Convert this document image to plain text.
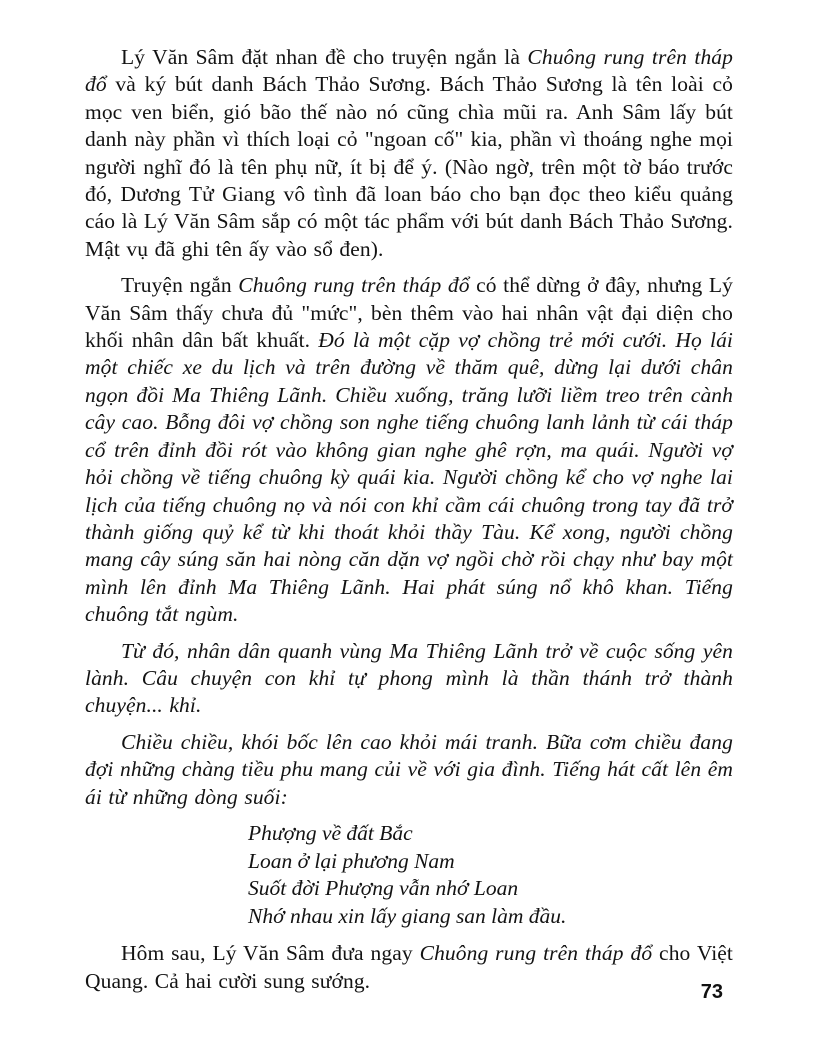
Lý Văn Sâm đặt nhan đề cho truyện ngắn là Chuông rung trên tháp đổ và ký bút danh Bách Thảo Sương. Bách Thảo Sương là tên loài cỏ mọc ven biển, gió bão thế nào nó cũng chìa mũi ra. Anh Sâm lấy bút danh này phần vì thích loại cỏ "ngoan cố" kia, phần vì thoáng nghe mọi người nghĩ đó là tên phụ nữ, ít bị để ý. (Nào ngờ, trên một tờ báo trước đó, Dương Tử Giang vô tình đã loan báo cho bạn đọc theo kiểu quảng cáo là Lý Văn Sâm sắp có một tác phẩm với bút danh Bách Thảo Sương. Mật vụ đã ghi tên ấy vào sổ đen).

Truyện ngắn Chuông rung trên tháp đổ có thể dừng ở đây, nhưng Lý Văn Sâm thấy chưa đủ "mức", bèn thêm vào hai nhân vật đại diện cho khối nhân dân bất khuất. Đó là một cặp vợ chồng trẻ mới cưới. Họ lái một chiếc xe du lịch và trên đường về thăm quê, dừng lại dưới chân ngọn đồi Ma Thiêng Lãnh. Chiều xuống, trăng lưỡi liềm treo trên cành cây cao. Bỗng đôi vợ chồng son nghe tiếng chuông lanh lảnh từ cái tháp cổ trên đỉnh đồi rót vào không gian nghe ghê rợn, ma quái. Người vợ hỏi chồng về tiếng chuông kỳ quái kia. Người chồng kể cho vợ nghe lai lịch của tiếng chuông nọ và nói con khỉ cầm cái chuông trong tay đã trở thành giống quỷ kể từ khi thoát khỏi thầy Tàu. Kể xong, người chồng mang cây súng săn hai nòng căn dặn vợ ngồi chờ rồi chạy như bay một mình lên đỉnh Ma Thiêng Lãnh. Hai phát súng nổ khô khan. Tiếng chuông tắt ngùm.

Từ đó, nhân dân quanh vùng Ma Thiêng Lãnh trở về cuộc sống yên lành. Câu chuyện con khỉ tự phong mình là thần thánh trở thành chuyện... khỉ.

Chiều chiều, khói bốc lên cao khỏi mái tranh. Bữa cơm chiều đang đợi những chàng tiều phu mang củi về với gia đình. Tiếng hát cất lên êm ái từ những dòng suối:

Phượng về đất Bắc
Loan ở lại phương Nam
Suốt đời Phượng vẫn nhớ Loan
Nhớ nhau xin lấy giang san làm đầu.

Hôm sau, Lý Văn Sâm đưa ngay Chuông rung trên tháp đổ cho Việt Quang. Cả hai cười sung sướng.	73
